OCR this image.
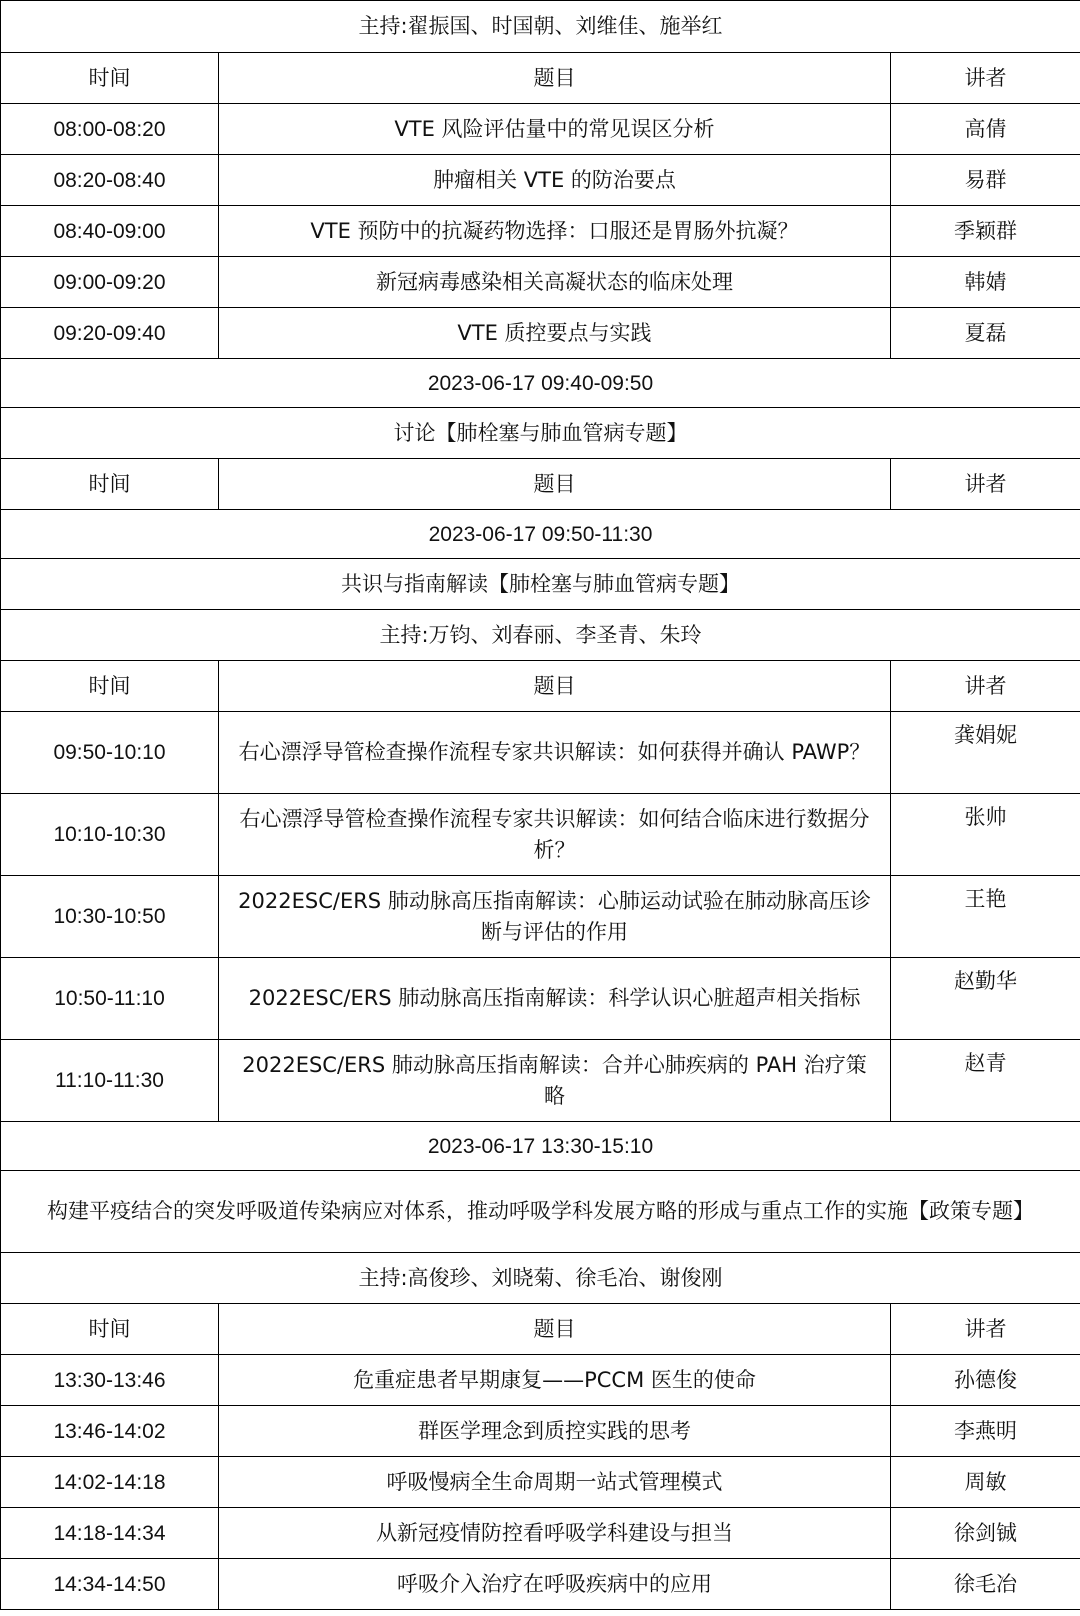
主持:翟振国、时国朝、刘维佳、施举红		
时间	题目	讲者
08:00-08:20	VTE 风险评估量中的常见误区分析	高倩
08:20-08:40	肿瘤相关 VTE 的防治要点	易群
08:40-09:00	VTE 预防中的抗凝药物选择：口服还是胃肠外抗凝？	季颖群
09:00-09:20	新冠病毒感染相关高凝状态的临床处理	韩婧
09:20-09:40	VTE 质控要点与实践	夏磊
2023-06-17 09:40-09:50		
讨论【肺栓塞与肺血管病专题】		
时间	题目	讲者
2023-06-17 09:50-11:30		
共识与指南解读【肺栓塞与肺血管病专题】		
主持:万钧、刘春丽、李圣青、朱玲		
时间	题目	讲者
09:50-10:10	右心漂浮导管检查操作流程专家共识解读：如何获得并确认 PAWP？	龚娟妮
10:10-10:30	右心漂浮导管检查操作流程专家共识解读：如何结合临床进行数据分析？	张帅
10:30-10:50	2022ESC/ERS 肺动脉高压指南解读：心肺运动试验在肺动脉高压诊断与评估的作用	王艳
10:50-11:10	2022ESC/ERS 肺动脉高压指南解读：科学认识心脏超声相关指标	赵勤华
11:10-11:30	2022ESC/ERS 肺动脉高压指南解读：合并心肺疾病的 PAH 治疗策略	赵青
2023-06-17 13:30-15:10		
构建平疫结合的突发呼吸道传染病应对体系，推动呼吸学科发展方略的形成与重点工作的实施【政策专题】		
主持:高俊珍、刘晓菊、徐毛冶、谢俊刚		
时间	题目	讲者
13:30-13:46	危重症患者早期康复——PCCM 医生的使命	孙德俊
13:46-14:02	群医学理念到质控实践的思考	李燕明
14:02-14:18	呼吸慢病全生命周期一站式管理模式	周敏
14:18-14:34	从新冠疫情防控看呼吸学科建设与担当	徐剑铖
14:34-14:50	呼吸介入治疗在呼吸疾病中的应用	徐毛冶
